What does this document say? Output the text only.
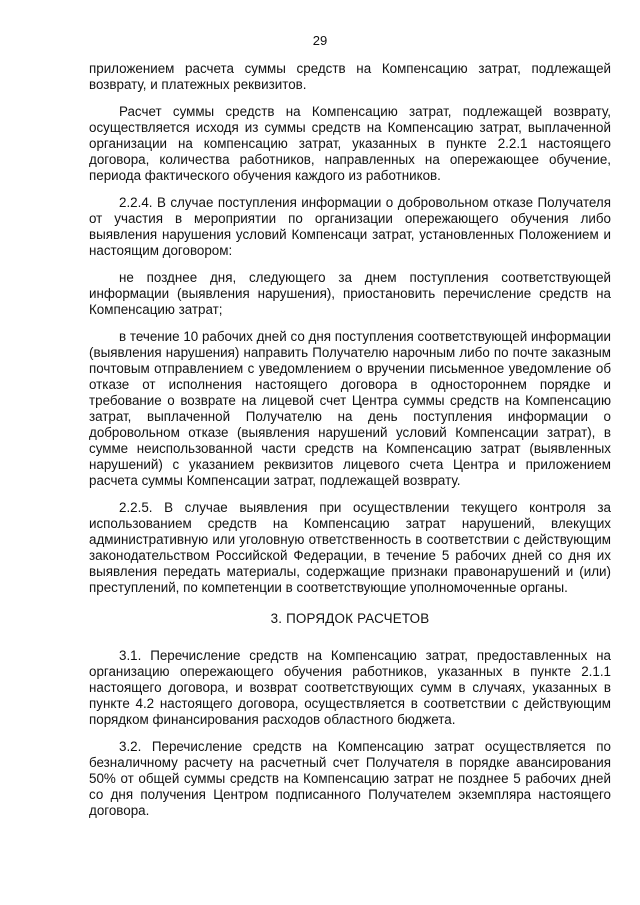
29

приложением расчета суммы средств на Компенсацию затрат, подлежащей возврату, и платежных реквизитов.

Расчет суммы средств на Компенсацию затрат, подлежащей возврату, осуществляется исходя из суммы средств на Компенсацию затрат, выплаченной организации на компенсацию затрат, указанных в пункте 2.2.1 настоящего договора, количества работников, направленных на опережающее обучение, периода фактического обучения каждого из работников.

2.2.4. В случае поступления информации о добровольном отказе Получателя от участия в мероприятии по организации опережающего обучения либо выявления нарушения условий Компенсаци затрат, установленных Положением и настоящим договором:

не позднее дня, следующего за днем поступления соответствующей информации (выявления нарушения), приостановить перечисление средств на Компенсацию затрат;

в течение 10 рабочих дней со дня поступления соответствующей информации (выявления нарушения) направить Получателю нарочным либо по почте заказным почтовым отправлением с уведомлением о вручении письменное уведомление об отказе от исполнения настоящего договора в одностороннем порядке и требование о возврате на лицевой счет Центра суммы средств на Компенсацию затрат, выплаченной Получателю на день поступления информации о добровольном отказе (выявления нарушений условий Компенсации затрат), в сумме неиспользованной части средств на Компенсацию затрат (выявленных нарушений) с указанием реквизитов лицевого счета Центра и приложением расчета суммы Компенсации затрат, подлежащей возврату.

2.2.5. В случае выявления при осуществлении текущего контроля за использованием средств на Компенсацию затрат нарушений, влекущих административную или уголовную ответственность в соответствии с действующим законодательством Российской Федерации, в течение 5 рабочих дней со дня их выявления передать материалы, содержащие признаки правонарушений и (или) преступлений, по компетенции в соответствующие уполномоченные органы.

3. ПОРЯДОК РАСЧЕТОВ

3.1. Перечисление средств на Компенсацию затрат, предоставленных на организацию опережающего обучения работников, указанных в пункте 2.1.1 настоящего договора, и возврат соответствующих сумм в случаях, указанных в пункте 4.2 настоящего договора, осуществляется в соответствии с действующим порядком финансирования расходов областного бюджета.

3.2. Перечисление средств на Компенсацию затрат осуществляется по безналичному расчету на расчетный счет Получателя в порядке авансирования 50% от общей суммы средств на Компенсацию затрат не позднее 5 рабочих дней со дня получения Центром подписанного Получателем экземпляра настоящего договора.
